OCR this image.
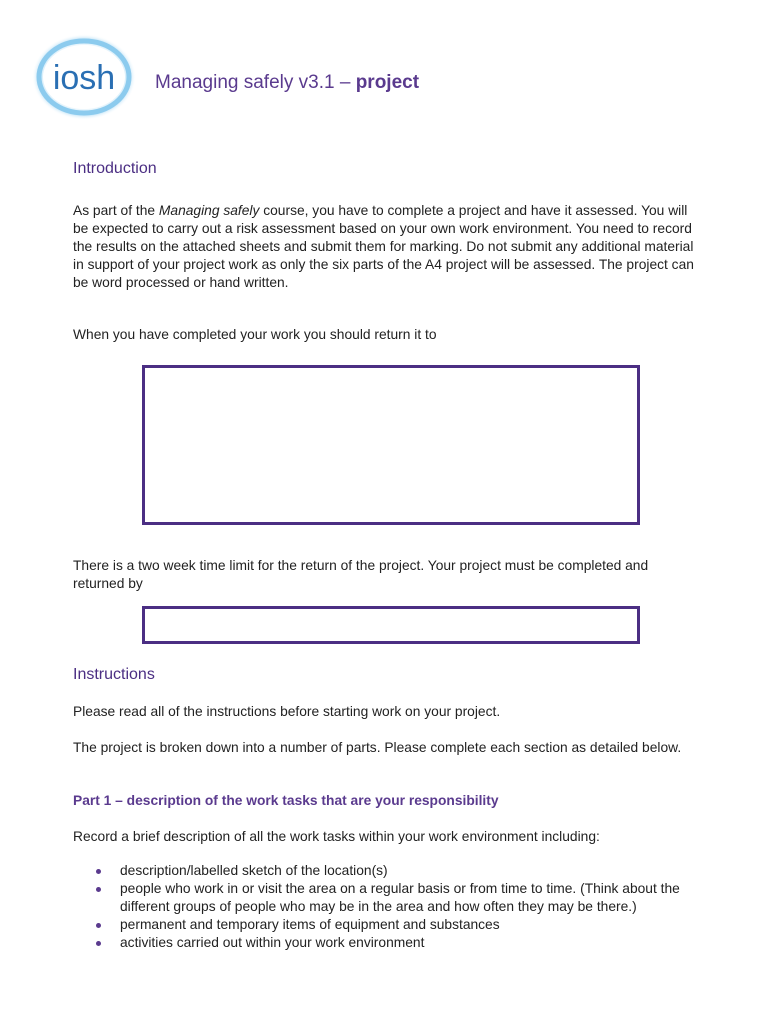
iosh Managing safely v3.1 – project
Introduction

As part of the Managing safely course, you have to complete a project and have it assessed. You will be expected to carry out a risk assessment based on your own work environment. You need to record the results on the attached sheets and submit them for marking. Do not submit any additional material in support of your project work as only the six parts of the A4 project will be assessed. The project can be word processed or hand written.

When you have completed your work you should return it to

There is a two week time limit for the return of the project. Your project must be completed and returned by

Instructions

Please read all of the instructions before starting work on your project.

The project is broken down into a number of parts. Please complete each section as detailed below.

Part 1 – description of the work tasks that are your responsibility

Record a brief description of all the work tasks within your work environment including:

description/labelled sketch of the location(s)
people who work in or visit the area on a regular basis or from time to time. (Think about the different groups of people who may be in the area and how often they may be there.)
permanent and temporary items of equipment and substances
activities carried out within your work environment
